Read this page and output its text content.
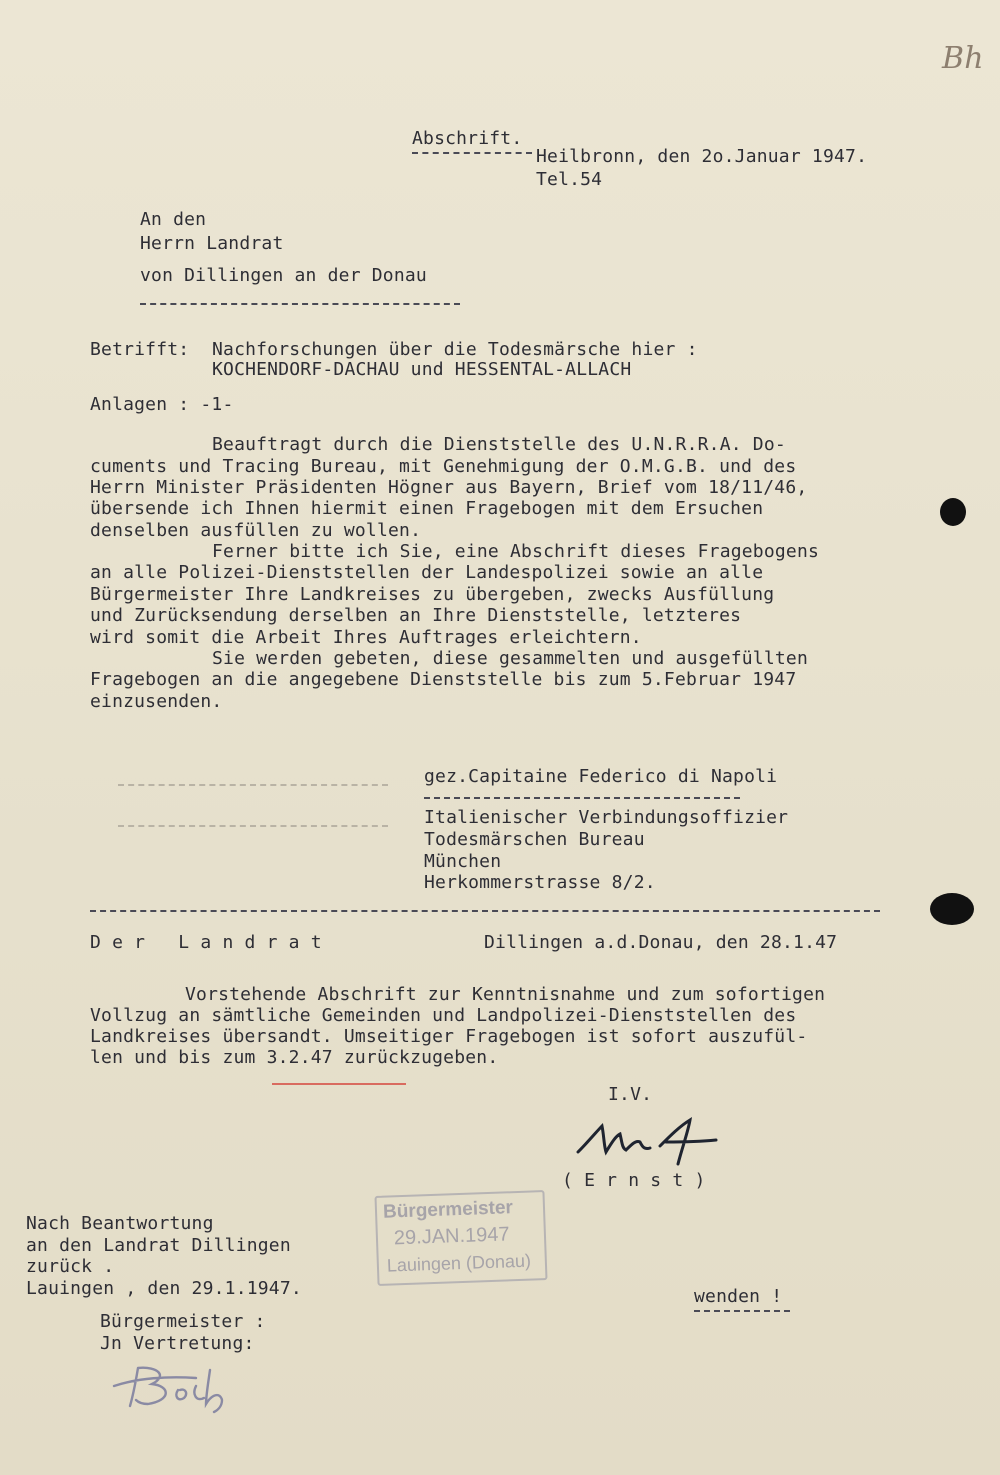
Bh
Abschrift.
Heilbronn, den 2o.Januar 1947.
Tel.54
An den
Herrn Landrat
von Dillingen an der Donau
Betrifft: Nachforschungen über die Todesmärsche hier :
KOCHENDORF-DACHAU und HESSENTAL-ALLACH
Anlagen : -1-
Beauftragt durch die Dienststelle des U.N.R.R.A. Do-
cuments und Tracing Bureau, mit Genehmigung der O.M.G.B. und des
Herrn Minister Präsidenten Högner aus Bayern, Brief vom 18/11/46,
übersende ich Ihnen hiermit einen Fragebogen mit dem Ersuchen
denselben ausfüllen zu wollen.
Ferner bitte ich Sie, eine Abschrift dieses Fragebogens
an alle Polizei-Dienststellen der Landespolizei sowie an alle
Bürgermeister Ihre Landkreises zu übergeben, zwecks Ausfüllung
und Zurücksendung derselben an Ihre Dienststelle, letzteres
wird somit die Arbeit Ihres Auftrages erleichtern.
Sie werden gebeten, diese gesammelten und ausgefüllten
Fragebogen an die angegebene Dienststelle bis zum 5.Februar 1947
einzusenden.
gez.Capitaine Federico di Napoli
Italienischer Verbindungsoffizier
Todesmärschen Bureau
München
Herkommerstrasse 8/2.
D e r   L a n d r a t	Dillingen a.d.Donau, den 28.1.47
Vorstehende Abschrift zur Kenntnisnahme und zum sofortigen
Vollzug an sämtliche Gemeinden und Landpolizei-Dienststellen des
Landkreises übersandt. Umseitiger Fragebogen ist sofort auszufül-
len und bis zum 3.2.47 zurückzugeben.
I.V.
( E r n s t )
Bürgermeister
29.JAN.1947
Lauingen (Donau)
Nach Beantwortung
an den Landrat Dillingen
zurück .
Lauingen , den 29.1.1947.
Bürgermeister :
Jn Vertretung:
wenden !
